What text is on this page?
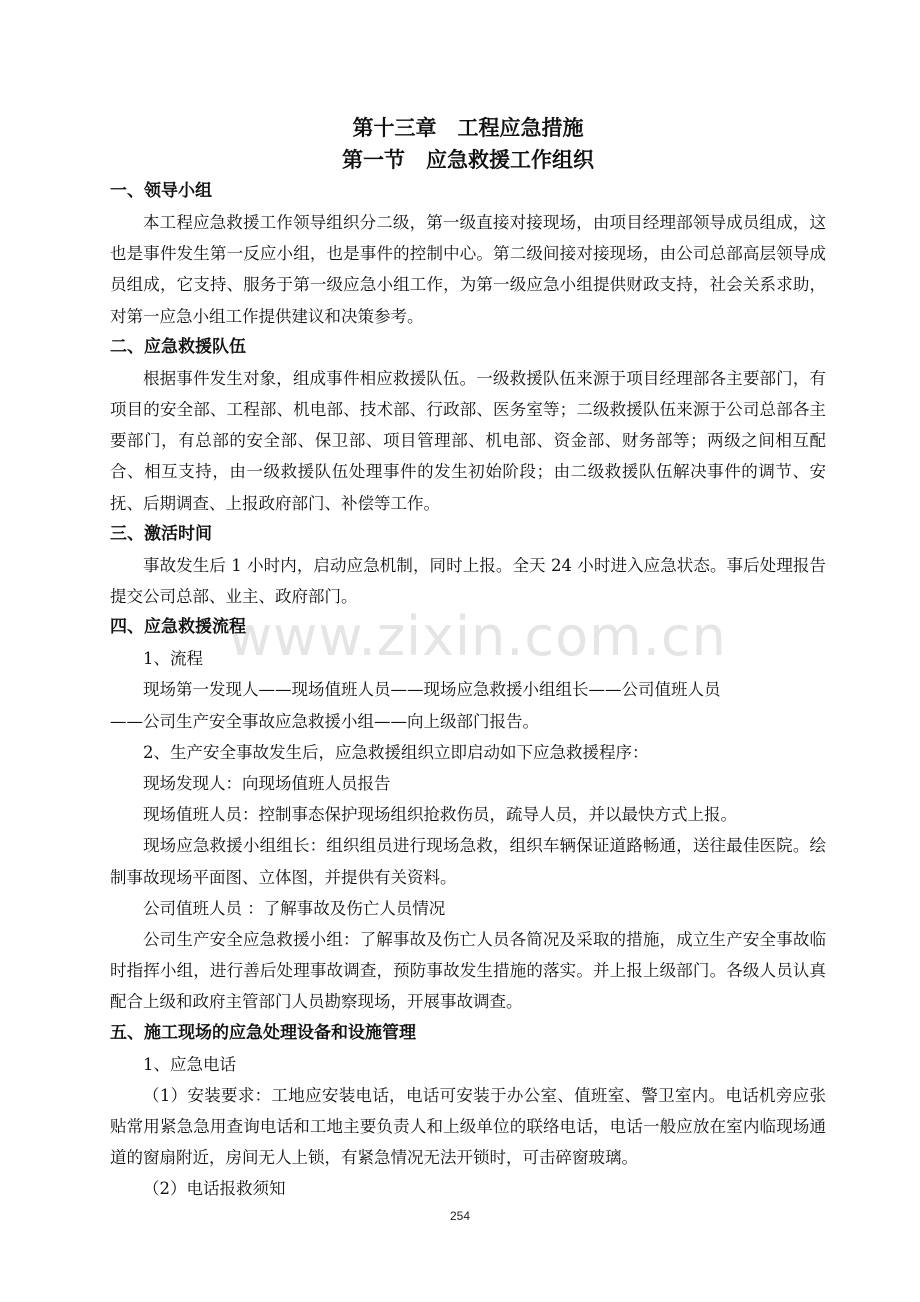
www.zixin.com.cn
第十三章　工程应急措施
第一节　应急救援工作组织
一、领导小组

本工程应急救援工作领导组织分二级，第一级直接对接现场，由项目经理部领导成员组成，这也是事件发生第一反应小组，也是事件的控制中心。第二级间接对接现场，由公司总部高层领导成员组成，它支持、服务于第一级应急小组工作，为第一级应急小组提供财政支持，社会关系求助，对第一应急小组工作提供建议和决策参考。

二、应急救援队伍

根据事件发生对象，组成事件相应救援队伍。一级救援队伍来源于项目经理部各主要部门，有项目的安全部、工程部、机电部、技术部、行政部、医务室等；二级救援队伍来源于公司总部各主要部门，有总部的安全部、保卫部、项目管理部、机电部、资金部、财务部等；两级之间相互配合、相互支持，由一级救援队伍处理事件的发生初始阶段；由二级救援队伍解决事件的调节、安抚、后期调查、上报政府部门、补偿等工作。

三、激活时间

事故发生后 1 小时内，启动应急机制，同时上报。全天 24 小时进入应急状态。事后处理报告提交公司总部、业主、政府部门。

四、应急救援流程

1、流程

现场第一发现人——现场值班人员——现场应急救援小组组长——公司值班人员

——公司生产安全事故应急救援小组——向上级部门报告。

2、生产安全事故发生后，应急救援组织立即启动如下应急救援程序：

现场发现人：向现场值班人员报告

现场值班人员：控制事态保护现场组织抢救伤员，疏导人员，并以最快方式上报。

现场应急救援小组组长：组织组员进行现场急救，组织车辆保证道路畅通，送往最佳医院。绘制事故现场平面图、立体图，并提供有关资料。

公司值班人员 ：了解事故及伤亡人员情况

公司生产安全应急救援小组：了解事故及伤亡人员各简况及采取的措施，成立生产安全事故临时指挥小组，进行善后处理事故调查，预防事故发生措施的落实。并上报上级部门。各级人员认真配合上级和政府主管部门人员勘察现场，开展事故调查。

五、施工现场的应急处理设备和设施管理

1、应急电话

（1）安装要求：工地应安装电话，电话可安装于办公室、值班室、警卫室内。电话机旁应张贴常用紧急急用查询电话和工地主要负责人和上级单位的联络电话，电话一般应放在室内临现场通道的窗扇附近，房间无人上锁，有紧急情况无法开锁时，可击碎窗玻璃。

（2）电话报救须知

254
